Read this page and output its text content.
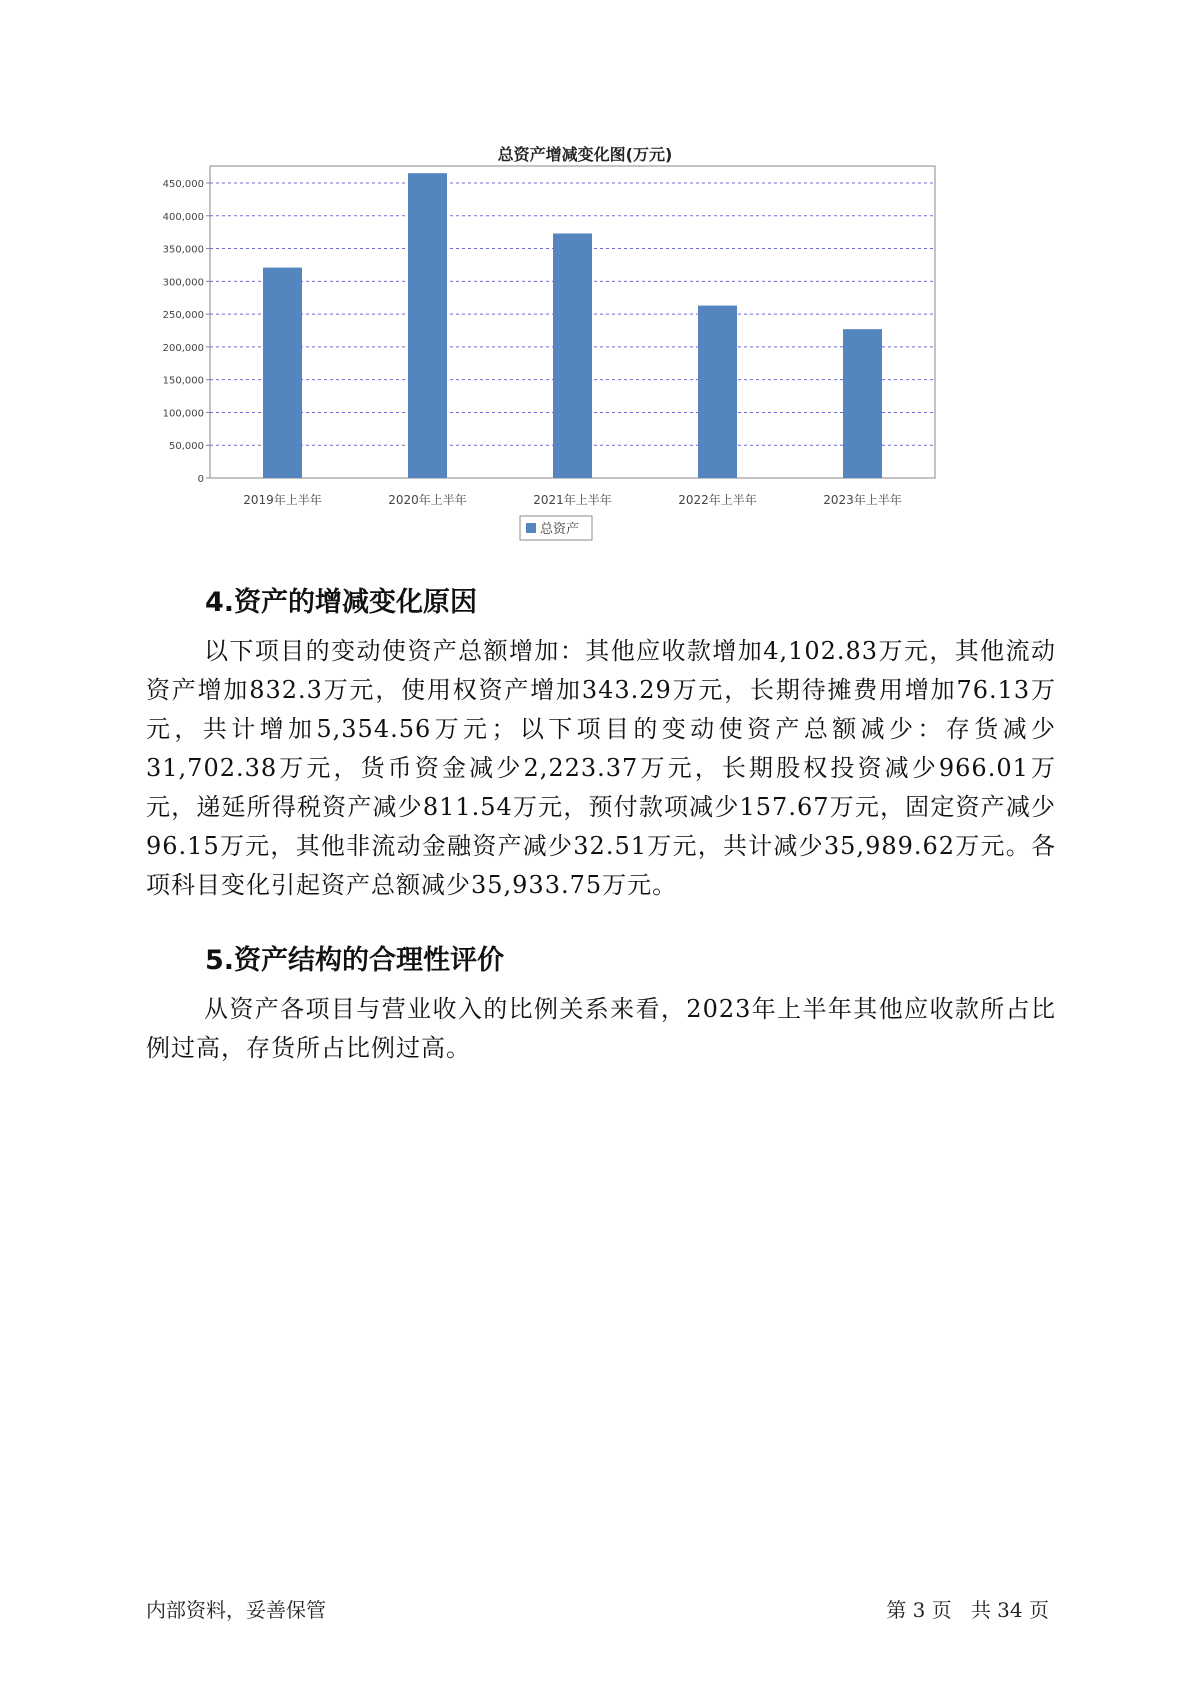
总资产增减变化图(万元)
0
50,000
100,000
150,000
200,000
250,000
300,000
350,000
400,000
450,000
2019年上半年	2020年上半年	2021年上半年	2022年上半年	2023年上半年
总资产
4.资产的增减变化原因

以下项目的变动使资产总额增加：其他应收款增加4,102.83万元，其他流动资产增加832.3万元，使用权资产增加343.29万元，长期待摊费用增加76.13万元，共计增加5,354.56万元；以下项目的变动使资产总额减少：存货减少31,702.38万元，货币资金减少2,223.37万元，长期股权投资减少966.01万元，递延所得税资产减少811.54万元，预付款项减少157.67万元，固定资产减少96.15万元，其他非流动金融资产减少32.51万元，共计减少35,989.62万元。各项科目变化引起资产总额减少35,933.75万元。

5.资产结构的合理性评价

从资产各项目与营业收入的比例关系来看，2023年上半年其他应收款所占比例过高，存货所占比例过高。

内部资料，妥善保管	第 3 页   共 34 页
